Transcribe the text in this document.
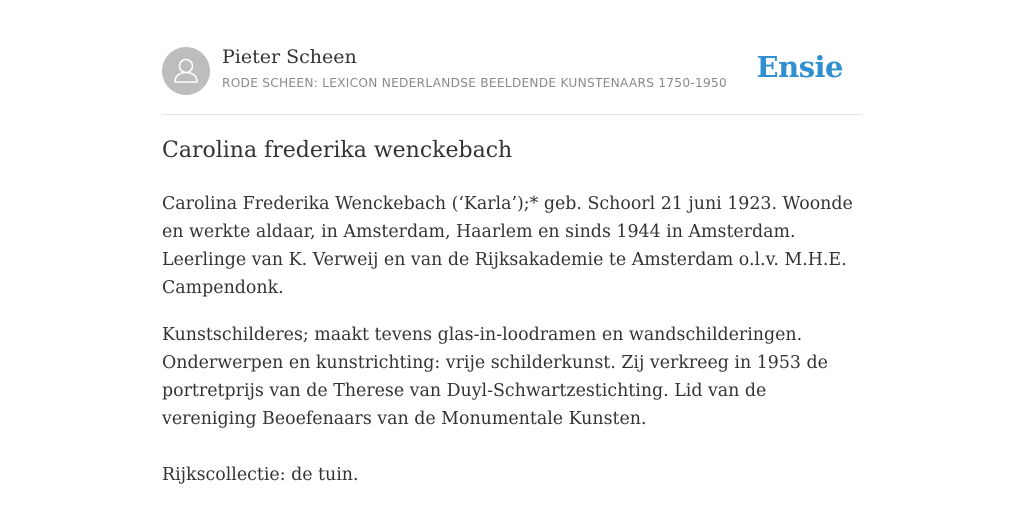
Pieter Scheen
RODE SCHEEN: LEXICON NEDERLANDSE BEELDENDE KUNSTENAARS 1750-1950 Ensie
Carolina frederika wenckebach

Carolina Frederika Wenckebach (‘Karla’);* geb. Schoorl 21 juni 1923. Woonde en werkte aldaar, in Amsterdam, Haarlem en sinds 1944 in Amsterdam. Leerlinge van K. Verweij en van de Rijksakademie te Amsterdam o.l.v. M.H.E. Campendonk.

Kunstschilderes; maakt tevens glas-in-loodramen en wandschilderingen. Onderwerpen en kunstrichting: vrije schilderkunst. Zij verkreeg in 1953 de portretprijs van de Therese van Duyl-Schwartzestichting. Lid van de vereniging Beoefenaars van de Monumentale Kunsten.

Rijkscollectie: de tuin.
